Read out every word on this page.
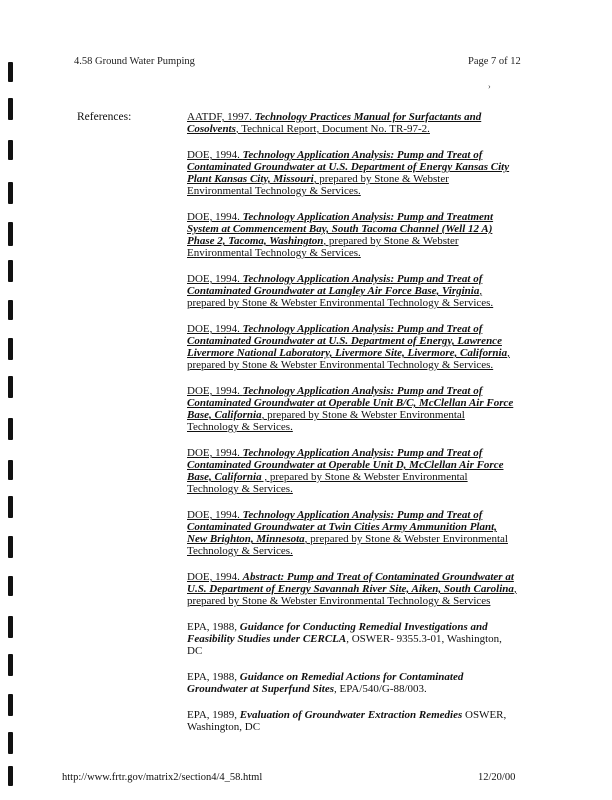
4.58 Ground Water Pumping	Page 7 of 12
›
References:	AATDF, 1997. Technology Practices Manual for Surfactants and Cosolvents, Technical Report, Document No. TR-97-2.
DOE, 1994. Technology Application Analysis: Pump and Treat of Contaminated Groundwater at U.S. Department of Energy Kansas City Plant Kansas City, Missouri, prepared by Stone & Webster Environmental Technology & Services.
DOE, 1994. Technology Application Analysis: Pump and Treatment System at Commencement Bay, South Tacoma Channel (Well 12 A) Phase 2, Tacoma, Washington, prepared by Stone & Webster Environmental Technology & Services.
DOE, 1994. Technology Application Analysis: Pump and Treat of Contaminated Groundwater at Langley Air Force Base, Virginia, prepared by Stone & Webster Environmental Technology & Services.
DOE, 1994. Technology Application Analysis: Pump and Treat of Contaminated Groundwater at U.S. Department of Energy, Lawrence Livermore National Laboratory, Livermore Site, Livermore, California, prepared by Stone & Webster Environmental Technology & Services.
DOE, 1994. Technology Application Analysis: Pump and Treat of Contaminated Groundwater at Operable Unit B/C, McClellan Air Force Base, California, prepared by Stone & Webster Environmental Technology & Services.
DOE, 1994. Technology Application Analysis: Pump and Treat of Contaminated Groundwater at Operable Unit D, McClellan Air Force Base, California , prepared by Stone & Webster Environmental Technology & Services.
DOE, 1994. Technology Application Analysis: Pump and Treat of Contaminated Groundwater at Twin Cities Army Ammunition Plant, New Brighton, Minnesota, prepared by Stone & Webster Environmental Technology & Services.
DOE, 1994. Abstract: Pump and Treat of Contaminated Groundwater at U.S. Department of Energy Savannah River Site, Aiken, South Carolina, prepared by Stone & Webster Environmental Technology & Services
EPA, 1988, Guidance for Conducting Remedial Investigations and Feasibility Studies under CERCLA, OSWER- 9355.3-01, Washington, DC
EPA, 1988, Guidance on Remedial Actions for Contaminated Groundwater at Superfund Sites, EPA/540/G-88/003.
EPA, 1989, Evaluation of Groundwater Extraction Remedies OSWER, Washington, DC
http://www.frtr.gov/matrix2/section4/4_58.html	12/20/00
